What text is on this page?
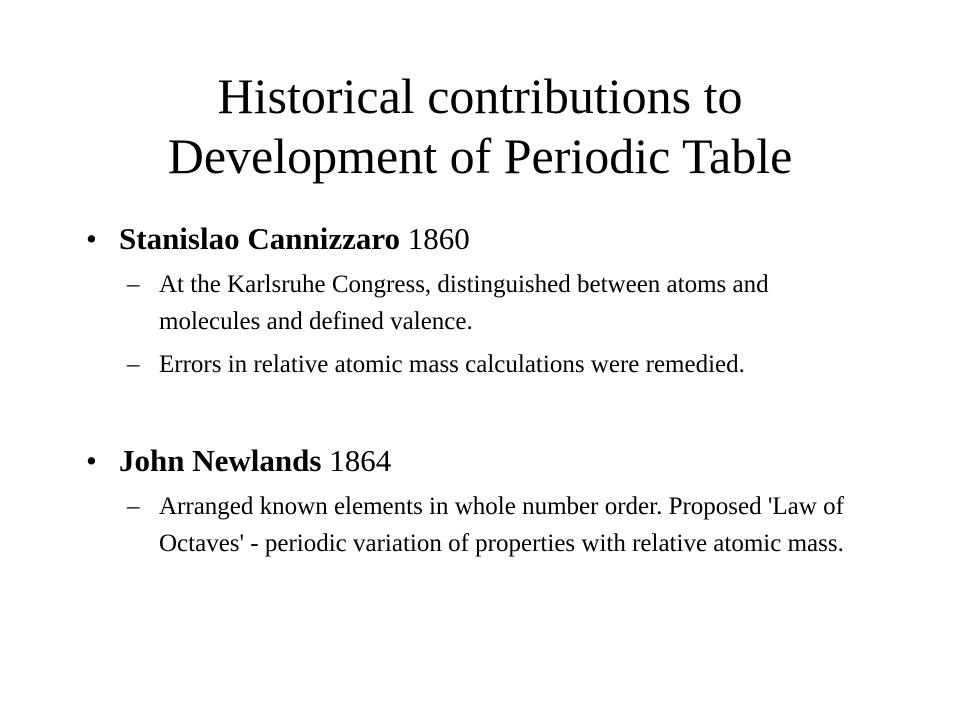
Historical contributions to
Development of Periodic Table
• Stanislao Cannizzaro 1860
– At the Karlsruhe Congress, distinguished between atoms and molecules and defined valence.
– Errors in relative atomic mass calculations were remedied.
• John Newlands 1864
– Arranged known elements in whole number order. Proposed 'Law of Octaves' - periodic variation of properties with relative atomic mass.
